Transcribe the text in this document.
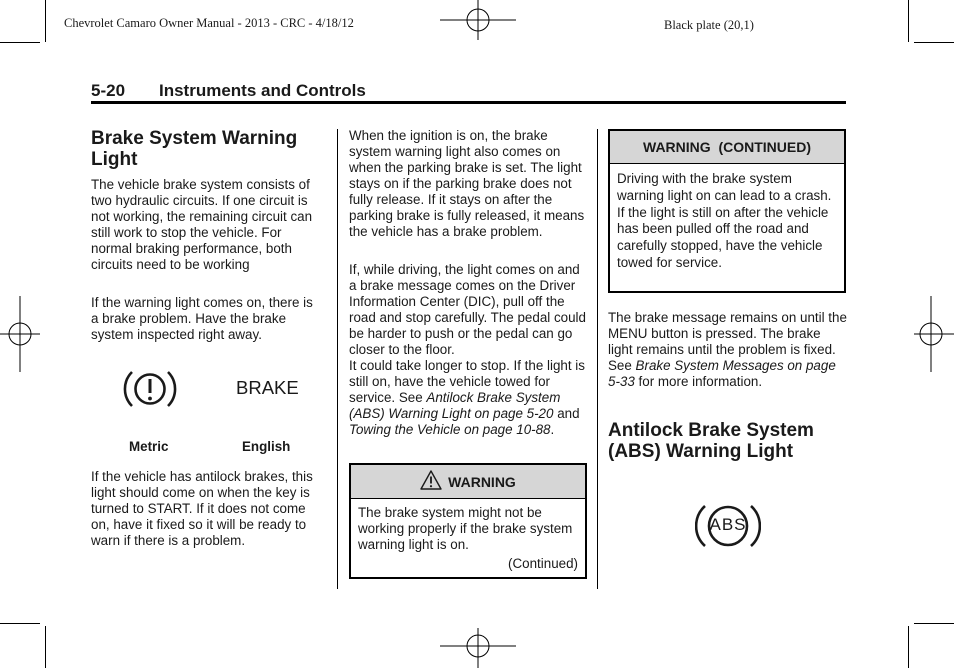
Chevrolet Camaro Owner Manual - 2013 - CRC - 4/18/12	Black plate (20,1)
5-20 Instruments and Controls
Brake System Warning Light
The vehicle brake system consists of two hydraulic circuits. If one circuit is not working, the remaining circuit can still work to stop the vehicle. For normal braking performance, both circuits need to be working
If the warning light comes on, there is a brake problem. Have the brake system inspected right away.
BRAKE
Metric	English
If the vehicle has antilock brakes, this light should come on when the key is turned to START. If it does not come on, have it fixed so it will be ready to warn if there is a problem.
When the ignition is on, the brake system warning light also comes on when the parking brake is set. The light stays on if the parking brake does not fully release. If it stays on after the parking brake is fully released, it means the vehicle has a brake problem.
If, while driving, the light comes on and a brake message comes on the Driver Information Center (DIC), pull off the road and stop carefully. The pedal could be harder to push or the pedal can go closer to the floor.
It could take longer to stop. If the light is still on, have the vehicle towed for service. See Antilock Brake System (ABS) Warning Light on page 5-20 and Towing the Vehicle on page 10-88.
WARNING
The brake system might not be working properly if the brake system warning light is on.
(Continued)
WARNING  (CONTINUED)
Driving with the brake system warning light on can lead to a crash. If the light is still on after the vehicle has been pulled off the road and carefully stopped, have the vehicle towed for service.
The brake message remains on until the MENU button is pressed. The brake light remains until the problem is fixed. See Brake System Messages on page 5-33 for more information.
Antilock Brake System (ABS) Warning Light
ABS
